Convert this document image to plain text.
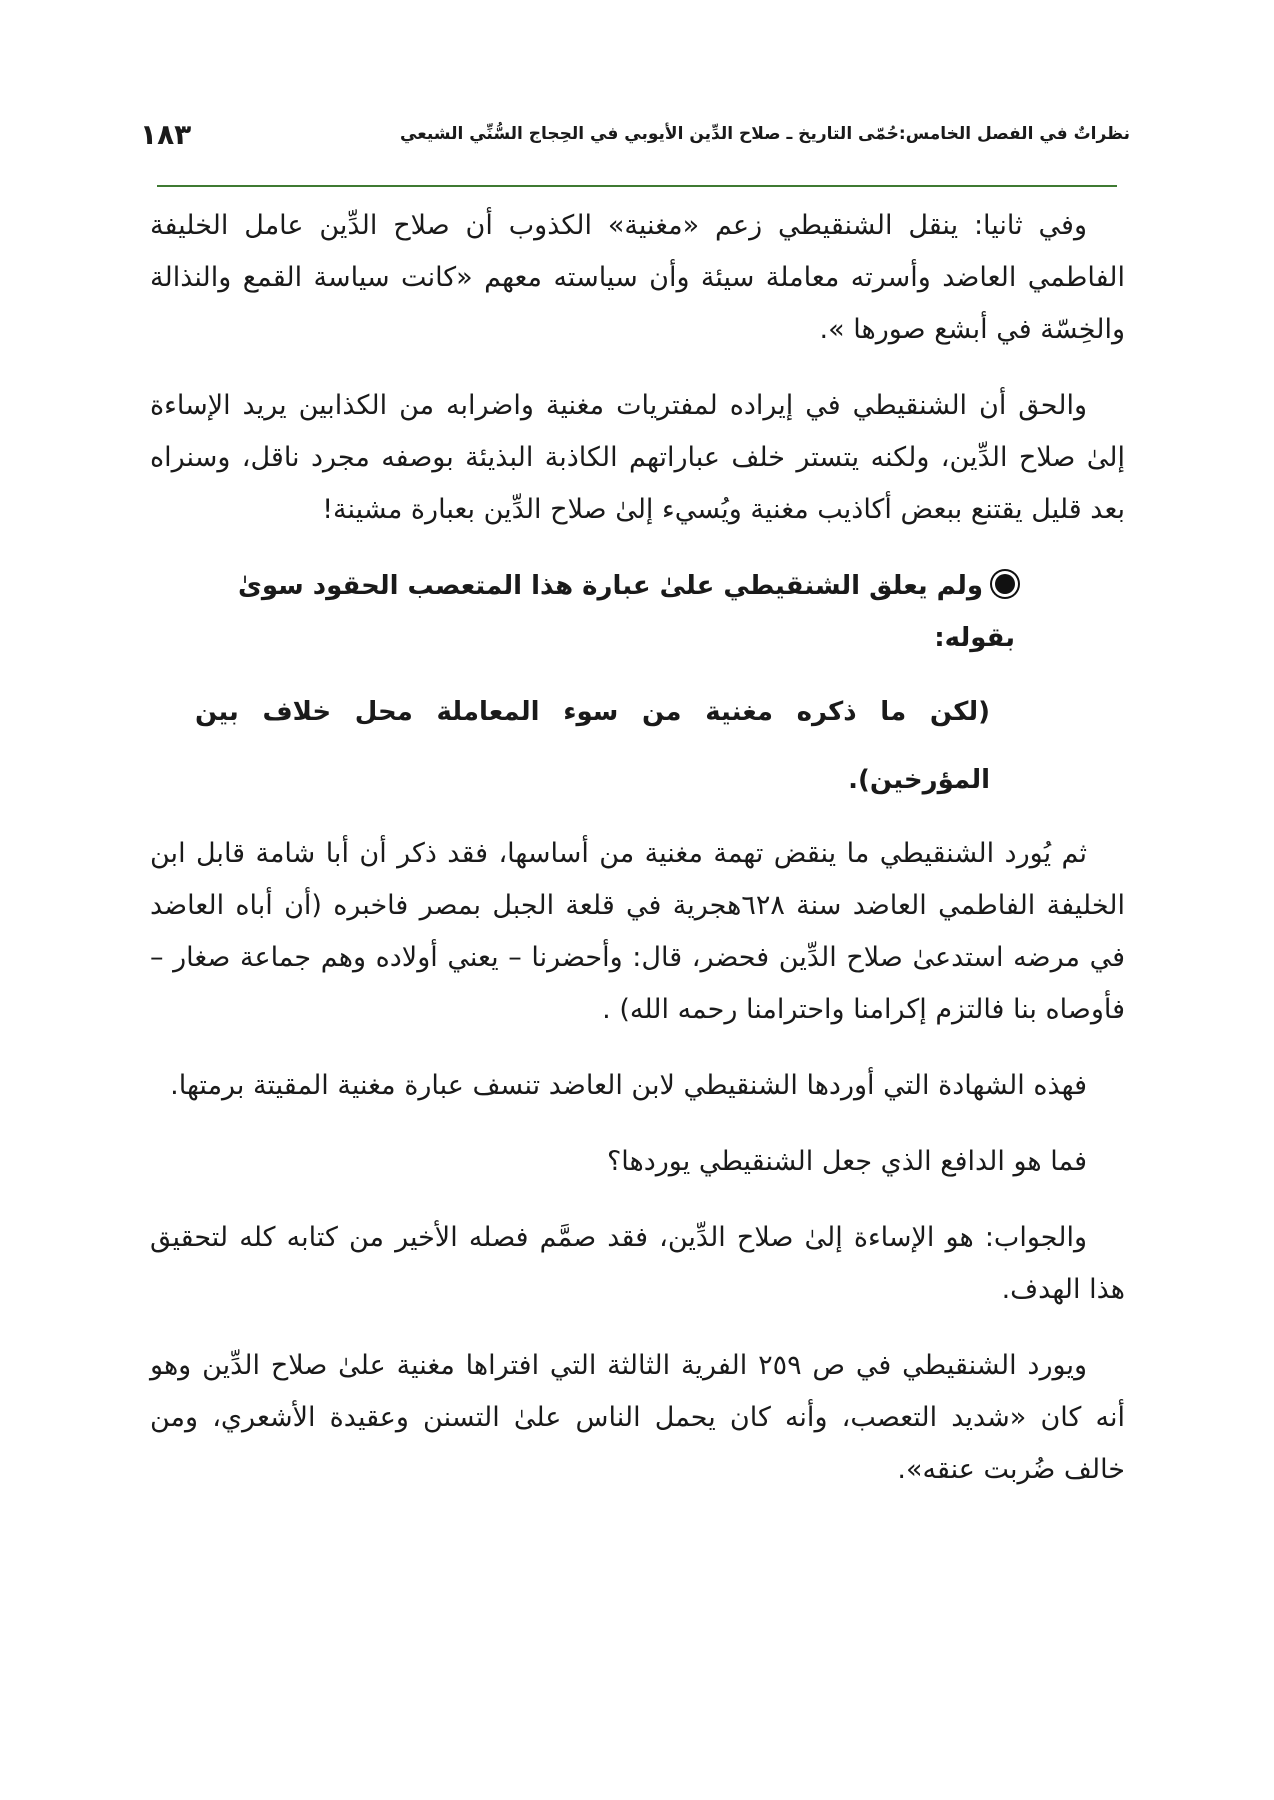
نظراتٌ في الفصل الخامس:حُمّى التاريخ ـ صلاح الدِّين الأيوبي في الحِجاج السُّنِّي الشيعي
١٨٣

وفي ثانيا: ينقل الشنقيطي زعم «مغنية» الكذوب أن صلاح الدِّين عامل الخليفة الفاطمي العاضد وأسرته معاملة سيئة وأن سياسته معهم «كانت سياسة القمع والنذالة والخِسّة في أبشع صورها ».

والحق أن الشنقيطي في إيراده لمفتريات مغنية واضرابه من الكذابين يريد الإساءة إلىٰ صلاح الدِّين، ولكنه يتستر خلف عباراتهم الكاذبة البذيئة بوصفه مجرد ناقل، وسنراه بعد قليل يقتنع ببعض أكاذيب مغنية ويُسيء إلىٰ صلاح الدِّين بعبارة مشينة!

ولم يعلق الشنقيطي علىٰ عبارة هذا المتعصب الحقود سوىٰ بقوله:
(لكن ما ذكره مغنية من سوء المعاملة محل خلاف بين المؤرخين).

ثم يُورد الشنقيطي ما ينقض تهمة مغنية من أساسها، فقد ذكر أن أبا شامة قابل ابن الخليفة الفاطمي العاضد سنة ٦٢٨هجرية في قلعة الجبل بمصر فاخبره (أن أباه العاضد في مرضه استدعىٰ صلاح الدِّين فحضر، قال: وأحضرنا – يعني أولاده وهم جماعة صغار – فأوصاه بنا فالتزم إكرامنا واحترامنا رحمه الله) .

فهذه الشهادة التي أوردها الشنقيطي لابن العاضد تنسف عبارة مغنية المقيتة برمتها.

فما هو الدافع الذي جعل الشنقيطي يوردها؟

والجواب: هو الإساءة إلىٰ صلاح الدِّين، فقد صمَّم فصله الأخير من كتابه كله لتحقيق هذا الهدف.

ويورد الشنقيطي في ص ٢٥٩ الفرية الثالثة التي افتراها مغنية علىٰ صلاح الدِّين وهو أنه كان «شديد التعصب، وأنه كان يحمل الناس علىٰ التسنن وعقيدة الأشعري، ومن خالف ضُربت عنقه».
